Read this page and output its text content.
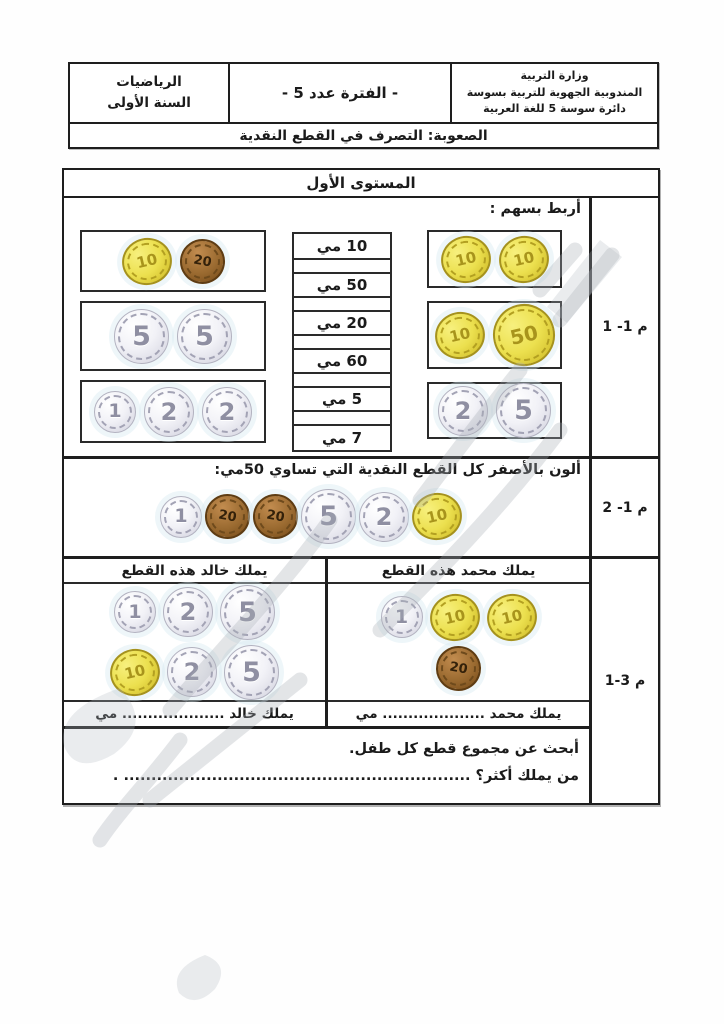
وزارة التربية
المندوبية الجهوية للتربية بسوسة
دائرة سوسة 5 للغة العربية
- الفترة عدد 5 -
الرياضيات
السنة الأولى
الصعوبة: التصرف في القطع النقدية
المستوى الأول
أربط بسهم :
10 10
10 50
2 5
10 مي
50 مي
20 مي
60 مي
5 مي
7 مي
10	20
5 5
1 2 2
م 1- 1
ألون بالأصفر كل القطع النقدية التي تساوي 50مي:
1 20 20 5 2 10	م 1- 2
يملك خالد هذه القطع
1 2 5
10 2 5
يملك خالد .................... مي
يملك محمد هذه القطع
1 10 10
20
يملك محمد .................... مي
أبحث عن مجموع قطع كل طفل.
من يملك أكثر؟ ............................................................... .
م 3-1
